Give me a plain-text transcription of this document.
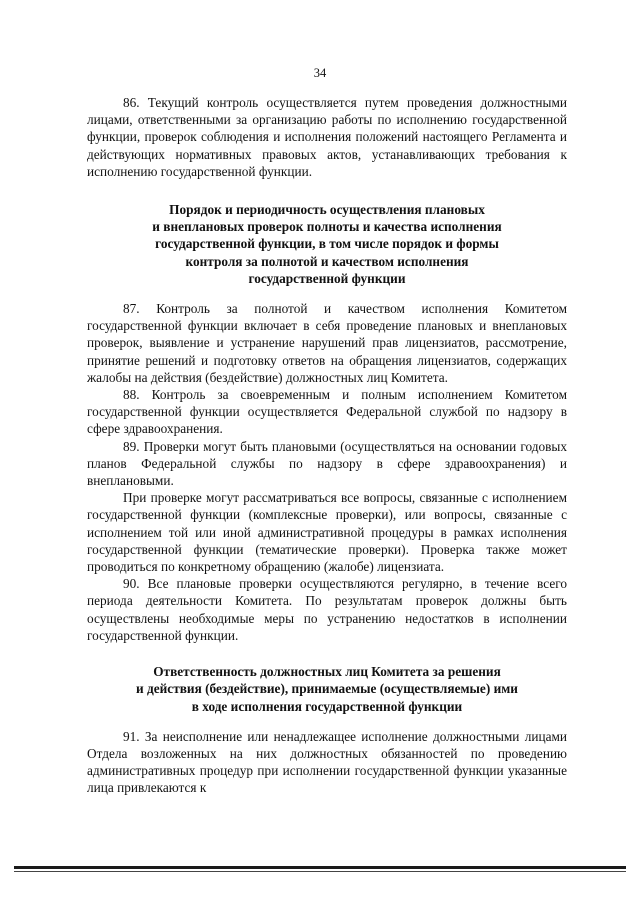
34

86. Текущий контроль осуществляется путем проведения должностными лицами, ответственными за организацию работы по исполнению государственной функции, проверок соблюдения и исполнения положений настоящего Регламента и действующих нормативных правовых актов, устанавливающих требования к исполнению государственной функции.

Порядок и периодичность осуществления плановых
и внеплановых проверок полноты и качества исполнения
государственной функции, в том числе порядок и формы
контроля за полнотой и качеством исполнения
государственной функции

87. Контроль за полнотой и качеством исполнения Комитетом государственной функции включает в себя проведение плановых и внеплановых проверок, выявление и устранение нарушений прав лицензиатов, рассмотрение, принятие решений и подготовку ответов на обращения лицензиатов, содержащих жалобы на действия (бездействие) должностных лиц Комитета.

88. Контроль за своевременным и полным исполнением Комитетом государственной функции осуществляется Федеральной службой по надзору в сфере здравоохранения.

89. Проверки могут быть плановыми (осуществляться на основании годовых планов Федеральной службы по надзору в сфере здравоохранения) и внеплановыми.

При проверке могут рассматриваться все вопросы, связанные с исполнением государственной функции (комплексные проверки), или вопросы, связанные с исполнением той или иной административной процедуры в рамках исполнения государственной функции (тематические проверки). Проверка также может проводиться по конкретному обращению (жалобе) лицензиата.

90. Все плановые проверки осуществляются регулярно, в течение всего периода деятельности Комитета. По результатам проверок должны быть осуществлены необходимые меры по устранению недостатков в исполнении государственной функции.

Ответственность должностных лиц Комитета за решения
и действия (бездействие), принимаемые (осуществляемые) ими
в ходе исполнения государственной функции

91. За неисполнение или ненадлежащее исполнение должностными лицами Отдела возложенных на них должностных обязанностей по проведению административных процедур при исполнении государственной функции указанные лица привлекаются к
